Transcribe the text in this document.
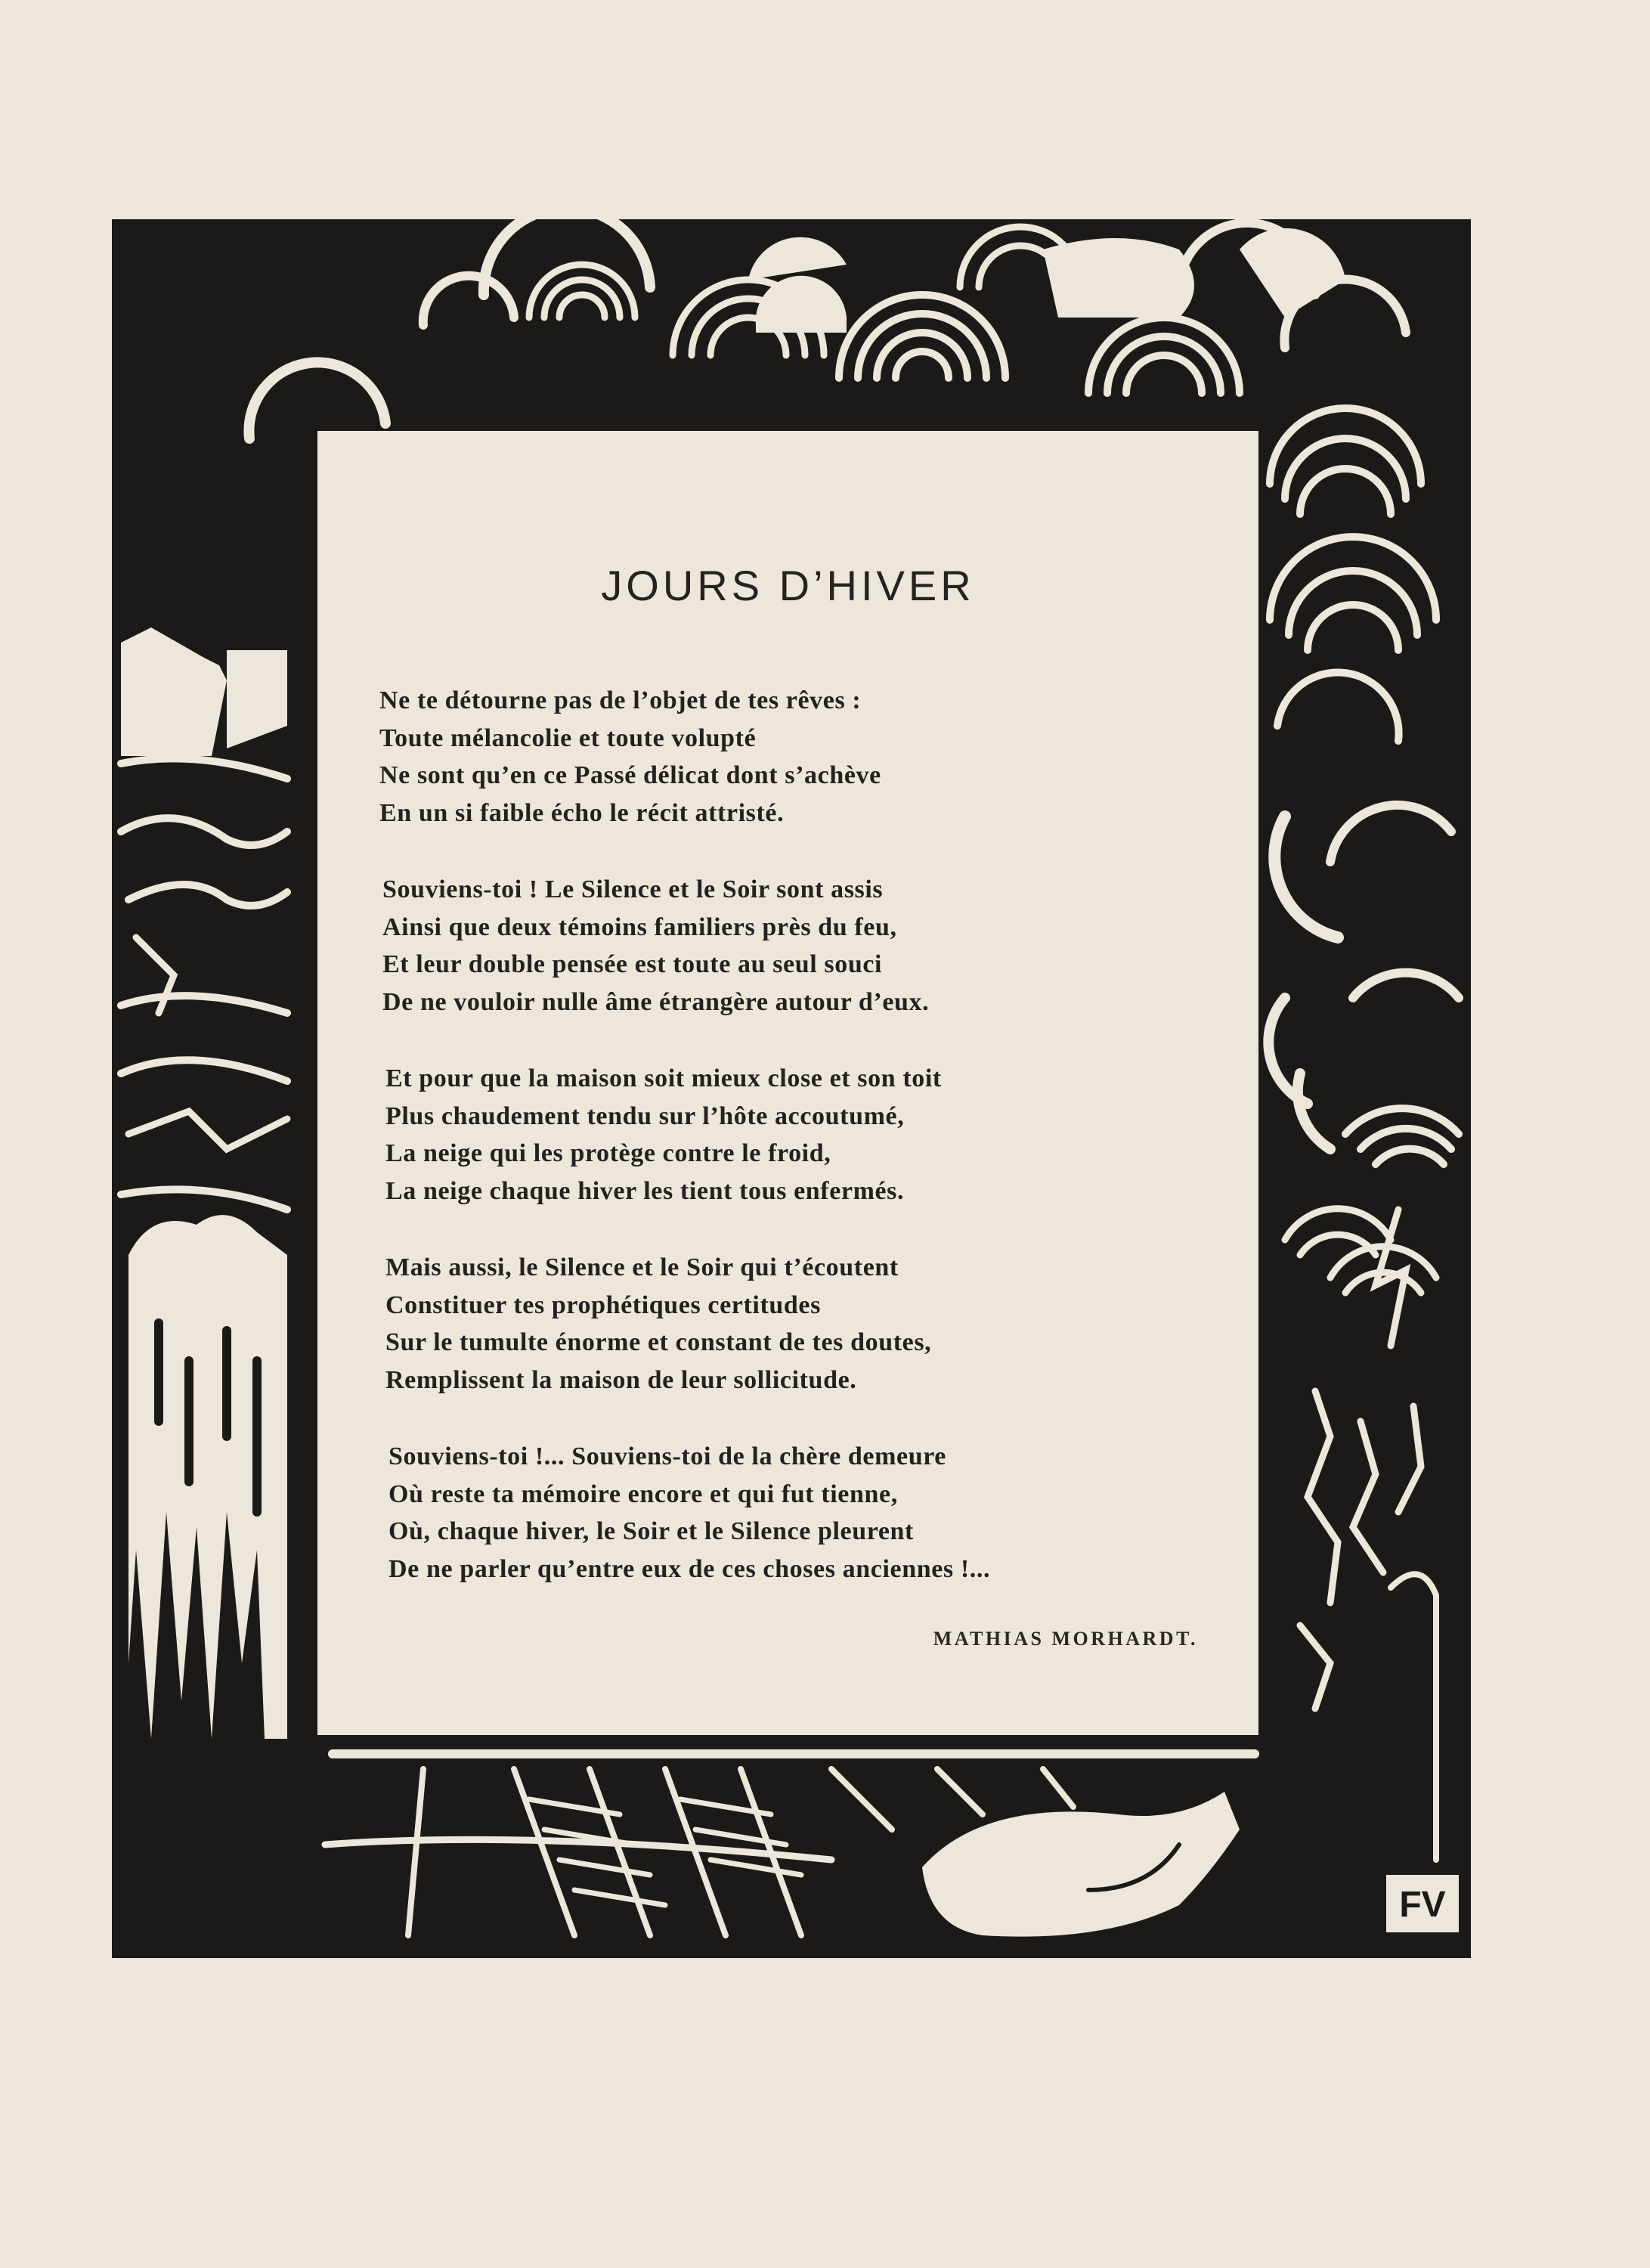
FV
JOURS D’HIVER
Ne te détourne pas de l’objet de tes rêves :
Toute mélancolie et toute volupté
Ne sont qu’en ce Passé délicat dont s’achève
En un si faible écho le récit attristé.
Souviens-toi ! Le Silence et le Soir sont assis
Ainsi que deux témoins familiers près du feu,
Et leur double pensée est toute au seul souci
De ne vouloir nulle âme étrangère autour d’eux.
Et pour que la maison soit mieux close et son toit
Plus chaudement tendu sur l’hôte accoutumé,
La neige qui les protège contre le froid,
La neige chaque hiver les tient tous enfermés.
Mais aussi, le Silence et le Soir qui t’écoutent
Constituer tes prophétiques certitudes
Sur le tumulte énorme et constant de tes doutes,
Remplissent la maison de leur sollicitude.
Souviens-toi !... Souviens-toi de la chère demeure
Où reste ta mémoire encore et qui fut tienne,
Où, chaque hiver, le Soir et le Silence pleurent
De ne parler qu’entre eux de ces choses anciennes !...

MATHIAS MORHARDT.
